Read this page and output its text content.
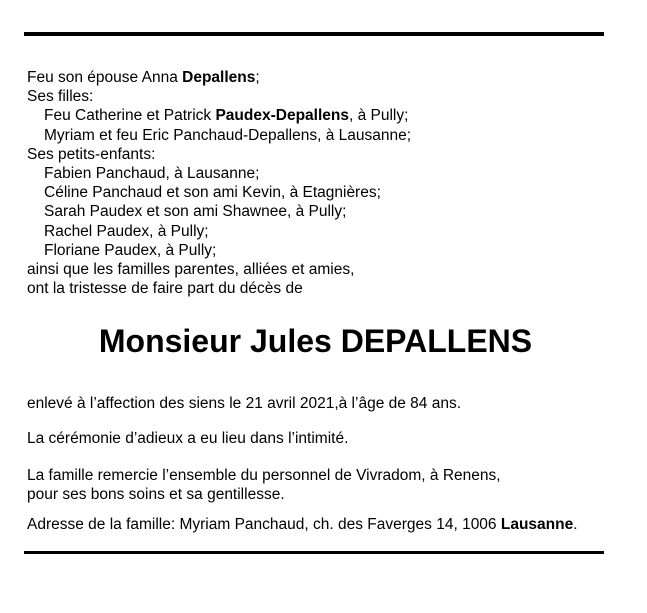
Feu son épouse Anna Depallens;
Ses filles:
Feu Catherine et Patrick Paudex-Depallens, à Pully;
Myriam et feu Eric Panchaud-Depallens, à Lausanne;
Ses petits-enfants:
Fabien Panchaud, à Lausanne;
Céline Panchaud et son ami Kevin, à Etagnières;
Sarah Paudex et son ami Shawnee, à Pully;
Rachel Paudex, à Pully;
Floriane Paudex, à Pully;
ainsi que les familles parentes, alliées et amies,
ont la tristesse de faire part du décès de
Monsieur Jules DEPALLENS

enlevé à l’affection des siens le 21 avril 2021,à l’âge de 84 ans.

La cérémonie d’adieux a eu lieu dans l’intimité.

La famille remercie l’ensemble du personnel de Vivradom, à Renens,
pour ses bons soins et sa gentillesse.

Adresse de la famille: Myriam Panchaud, ch. des Faverges 14, 1006 Lausanne.
